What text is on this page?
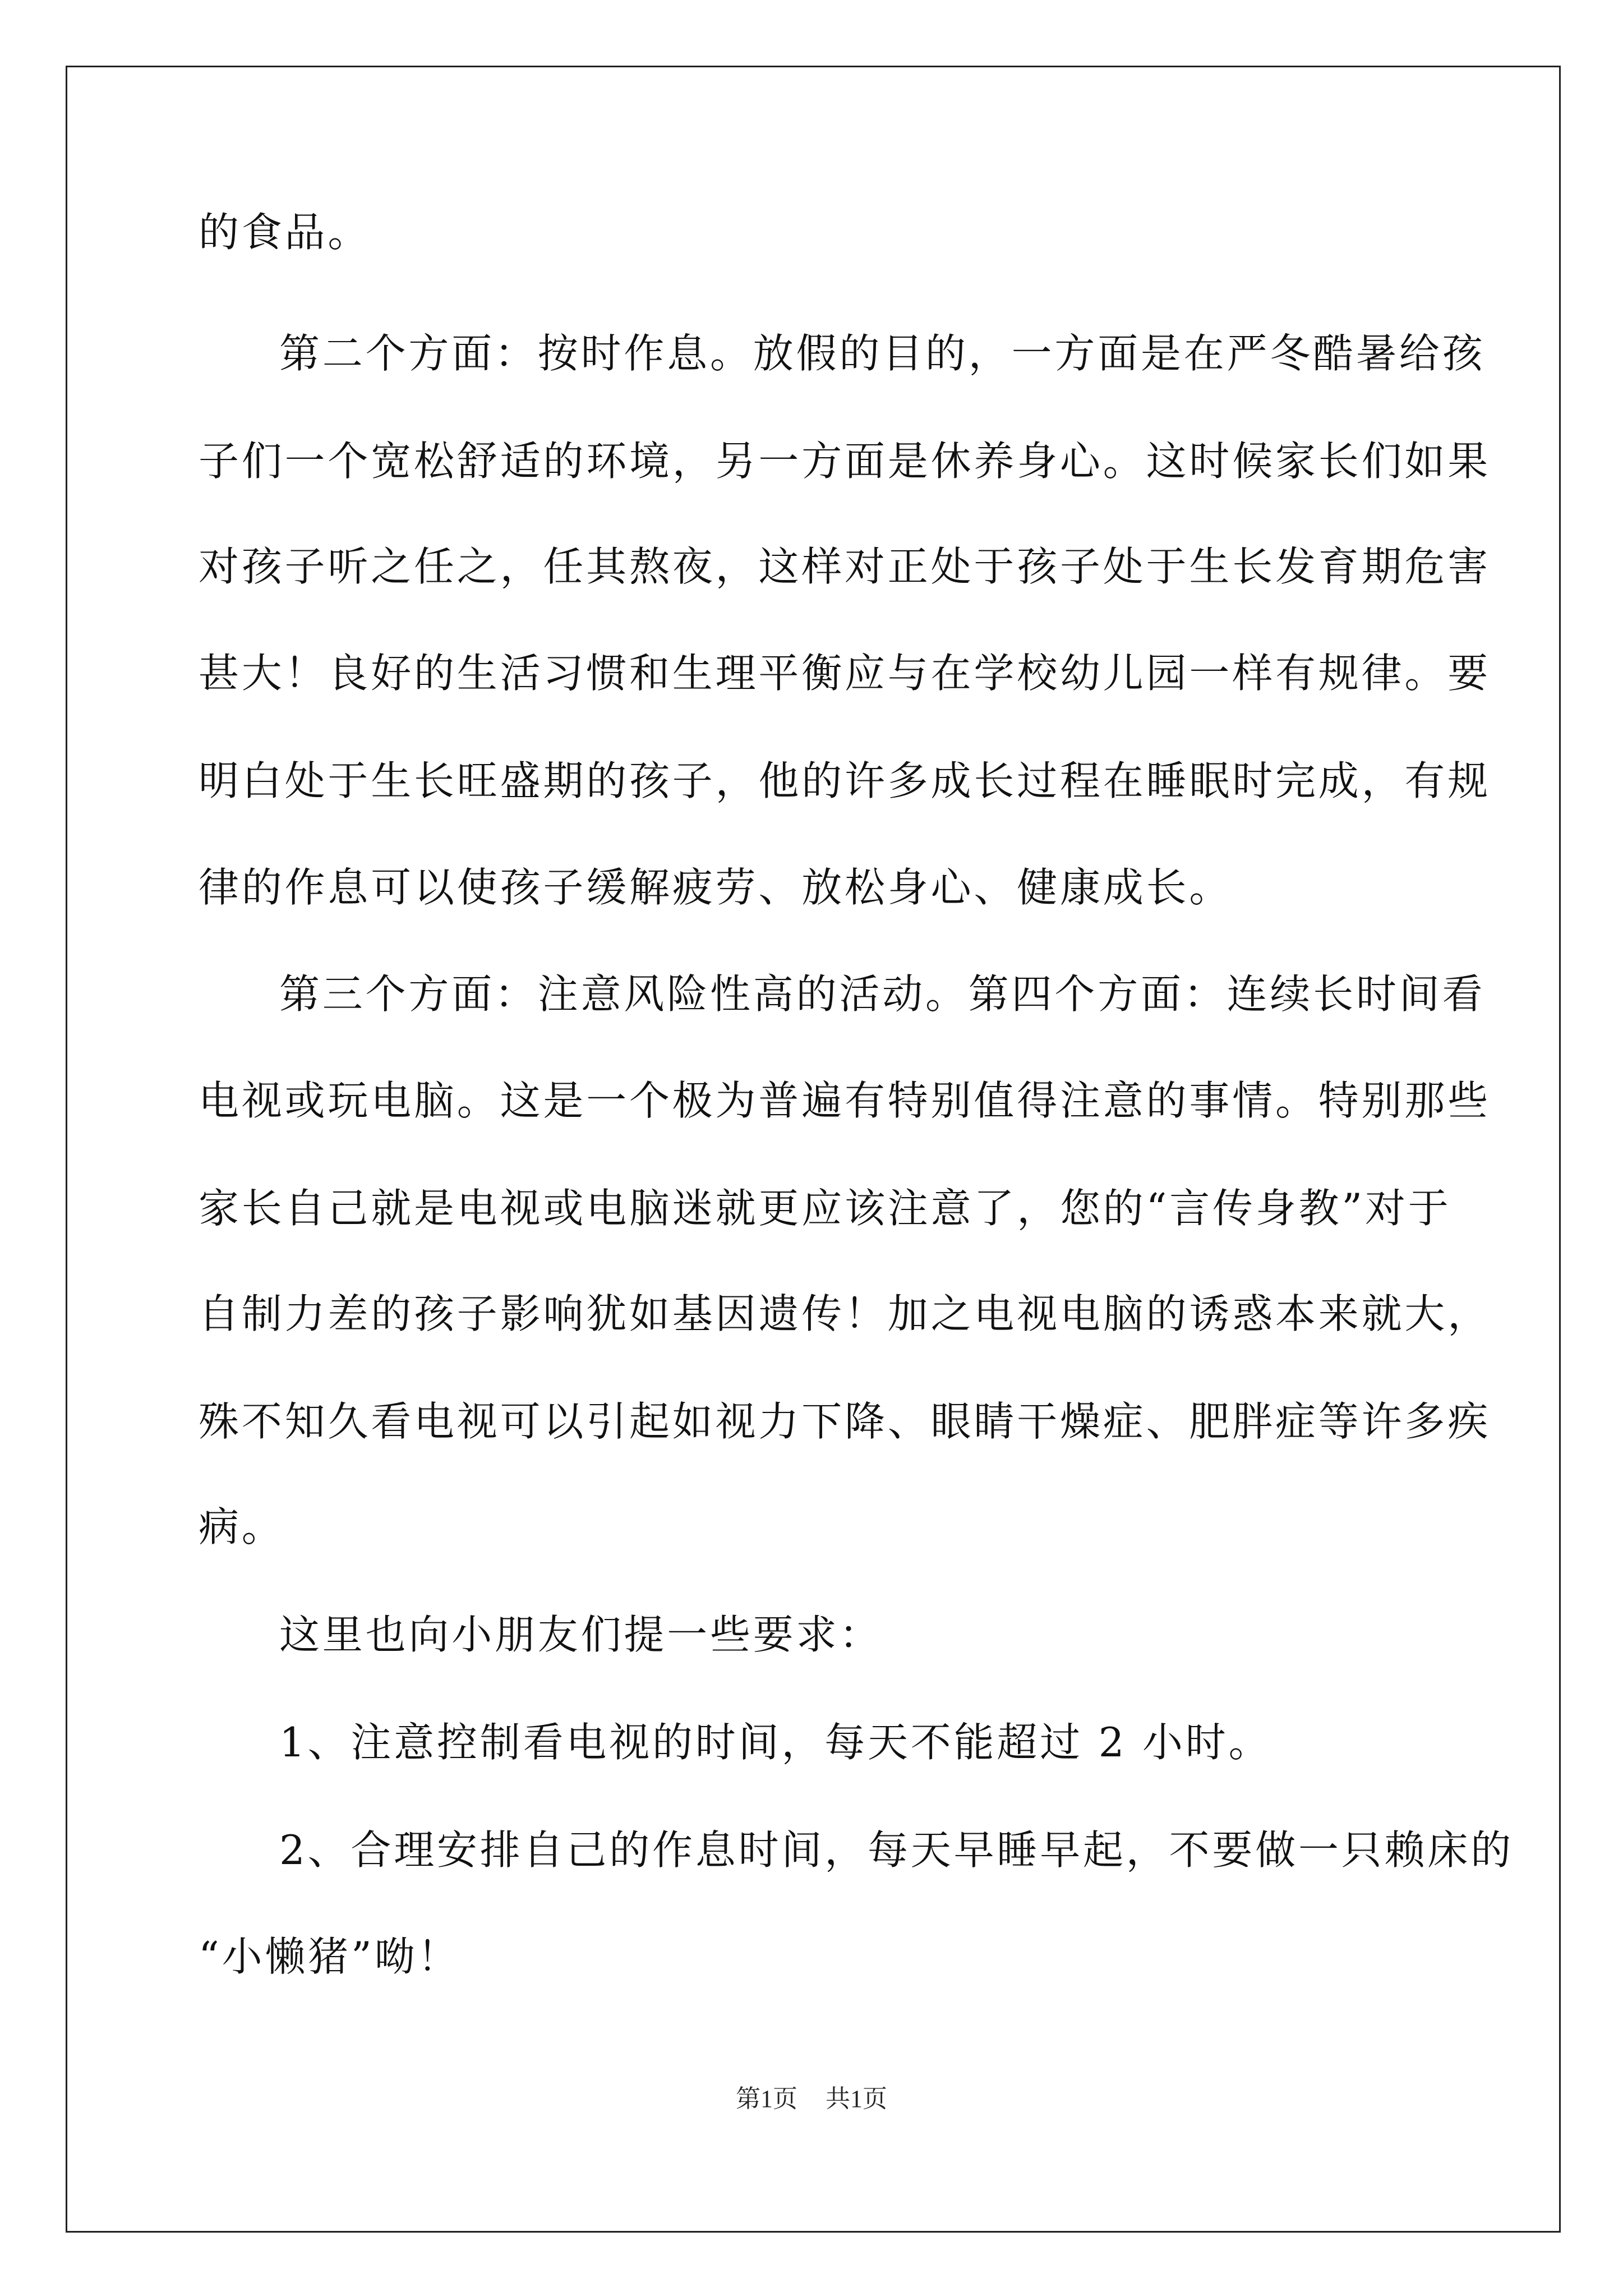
的食品。
第二个方面：按时作息。放假的目的，一方面是在严冬酷暑给孩
子们一个宽松舒适的环境，另一方面是休养身心。这时候家长们如果
对孩子听之任之，任其熬夜，这样对正处于孩子处于生长发育期危害
甚大！良好的生活习惯和生理平衡应与在学校幼儿园一样有规律。要
明白处于生长旺盛期的孩子，他的许多成长过程在睡眠时完成，有规
律的作息可以使孩子缓解疲劳、放松身心、健康成长。
第三个方面：注意风险性高的活动。第四个方面：连续长时间看
电视或玩电脑。这是一个极为普遍有特别值得注意的事情。特别那些
家长自己就是电视或电脑迷就更应该注意了，您的“言传身教”对于
自制力差的孩子影响犹如基因遗传！加之电视电脑的诱惑本来就大，
殊不知久看电视可以引起如视力下降、眼睛干燥症、肥胖症等许多疾
病。
这里也向小朋友们提一些要求：
1、注意控制看电视的时间，每天不能超过 2 小时。
2、合理安排自己的作息时间，每天早睡早起，不要做一只赖床的
“小懒猪”呦！
第1页 共1页
